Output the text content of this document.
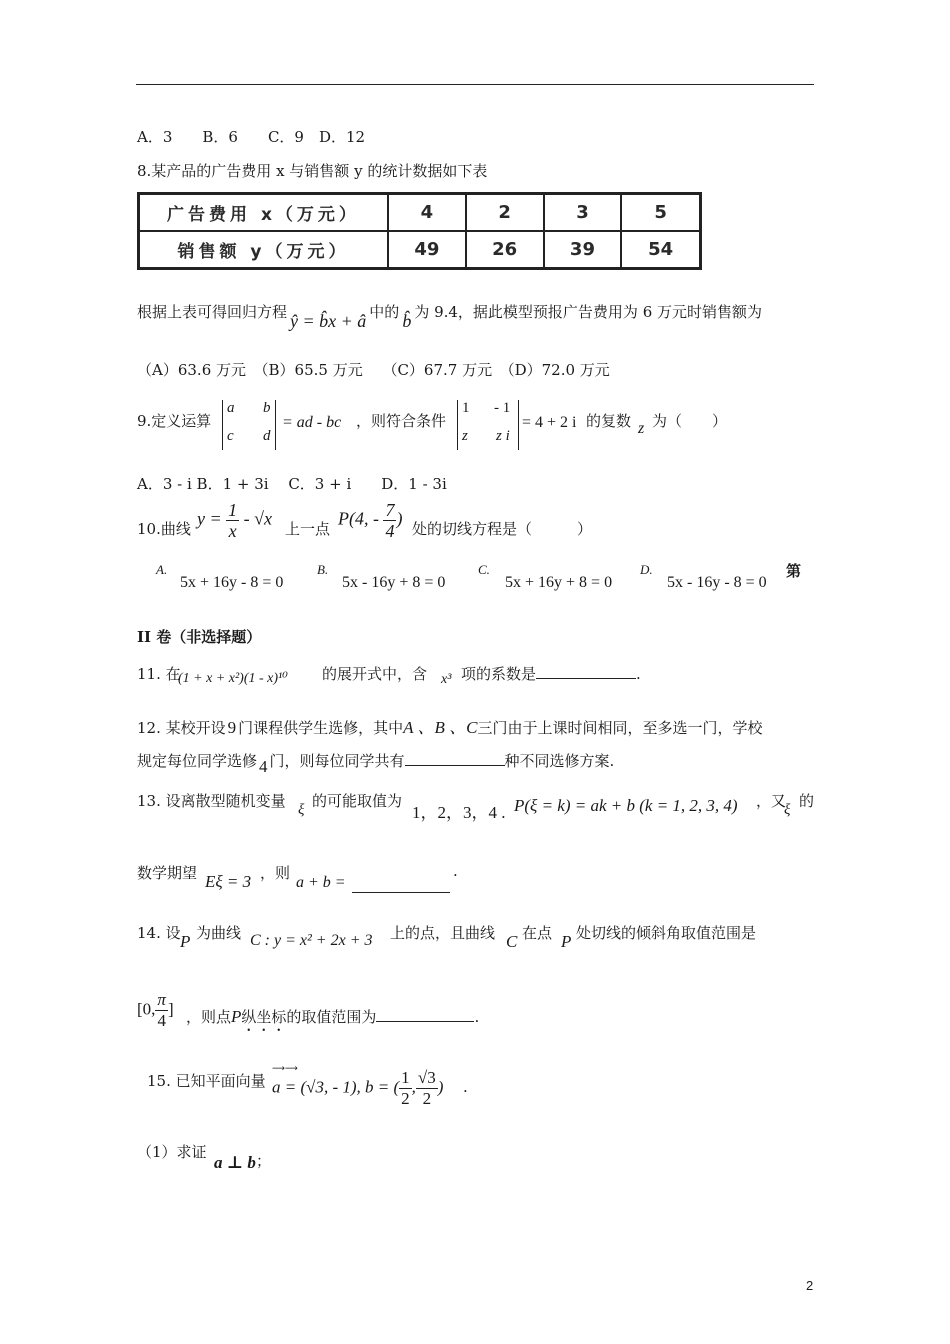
A．3　　B．6　　C．9　D．12
8.某产品的广告费用 x 与销售额 y 的统计数据如下表
广告费用 x（万元）	4	2	3	5
销售额 y（万元）	49	26	39	54
根据上表可得回归方程 ŷ = b̂x + â 中的 b̂ 为 9.4，据此模型预报广告费用为 6 万元时销售额为
（A）63.6 万元　（B）65.5 万元　 （C）67.7 万元　（D）72.0 万元
9.定义运算
a b
c d
= ad - bc ，则符合条件
1 - 1
z z i
= 4 + 2 i 的复数 z 为（　　）
A．3 - i B．1 + 3i　 C．3 + i　　D．1 - 3i
10.曲线
$y = \frac{1}{x} - √x$
上一点
P(4, - $\frac{7}{4}$ )
处的切线方程是（　　　）
A.
5x + 16y - 8 = 0
B.
5x - 16y + 8 = 0
C.
5x + 16y + 8 = 0
D.
5x - 16y - 8 = 0
第
II 卷（非选择题）
11. 在
(1 + x + x²)(1 - x)¹⁰ 的展开式中，含 x³ 项的系数是	.
12. 某校开设 9 门课程供学生选修，其中A 、B 、C三门由于上课时间相同，至多选一门，学校
规定每位同学选修 4 门，则每位同学共有	种不同选修方案.
13. 设离散型随机变量 ξ 的可能取值为
1，2，3，4 . P(ξ = k) = ak + b (k = 1, 2, 3, 4) ，又
ξ 的
数学期望 Eξ = 3 ，则
a + b =
.
14. 设 P 为曲线 C : y = x² + 2x + 3 上的点，且曲线 C 在点 P 处切线的倾斜角取值范围是
[0, $\frac{\pi}{4}$ ] ，则点P纵坐标的取值范围为	.
15. 已知平面向量
⟶⟶
a = (√3, - 1), b = ( $\frac{1}{2}$ , $\frac{√3}{2}$ ) .
（1）求证
a ⊥ b ；
2
